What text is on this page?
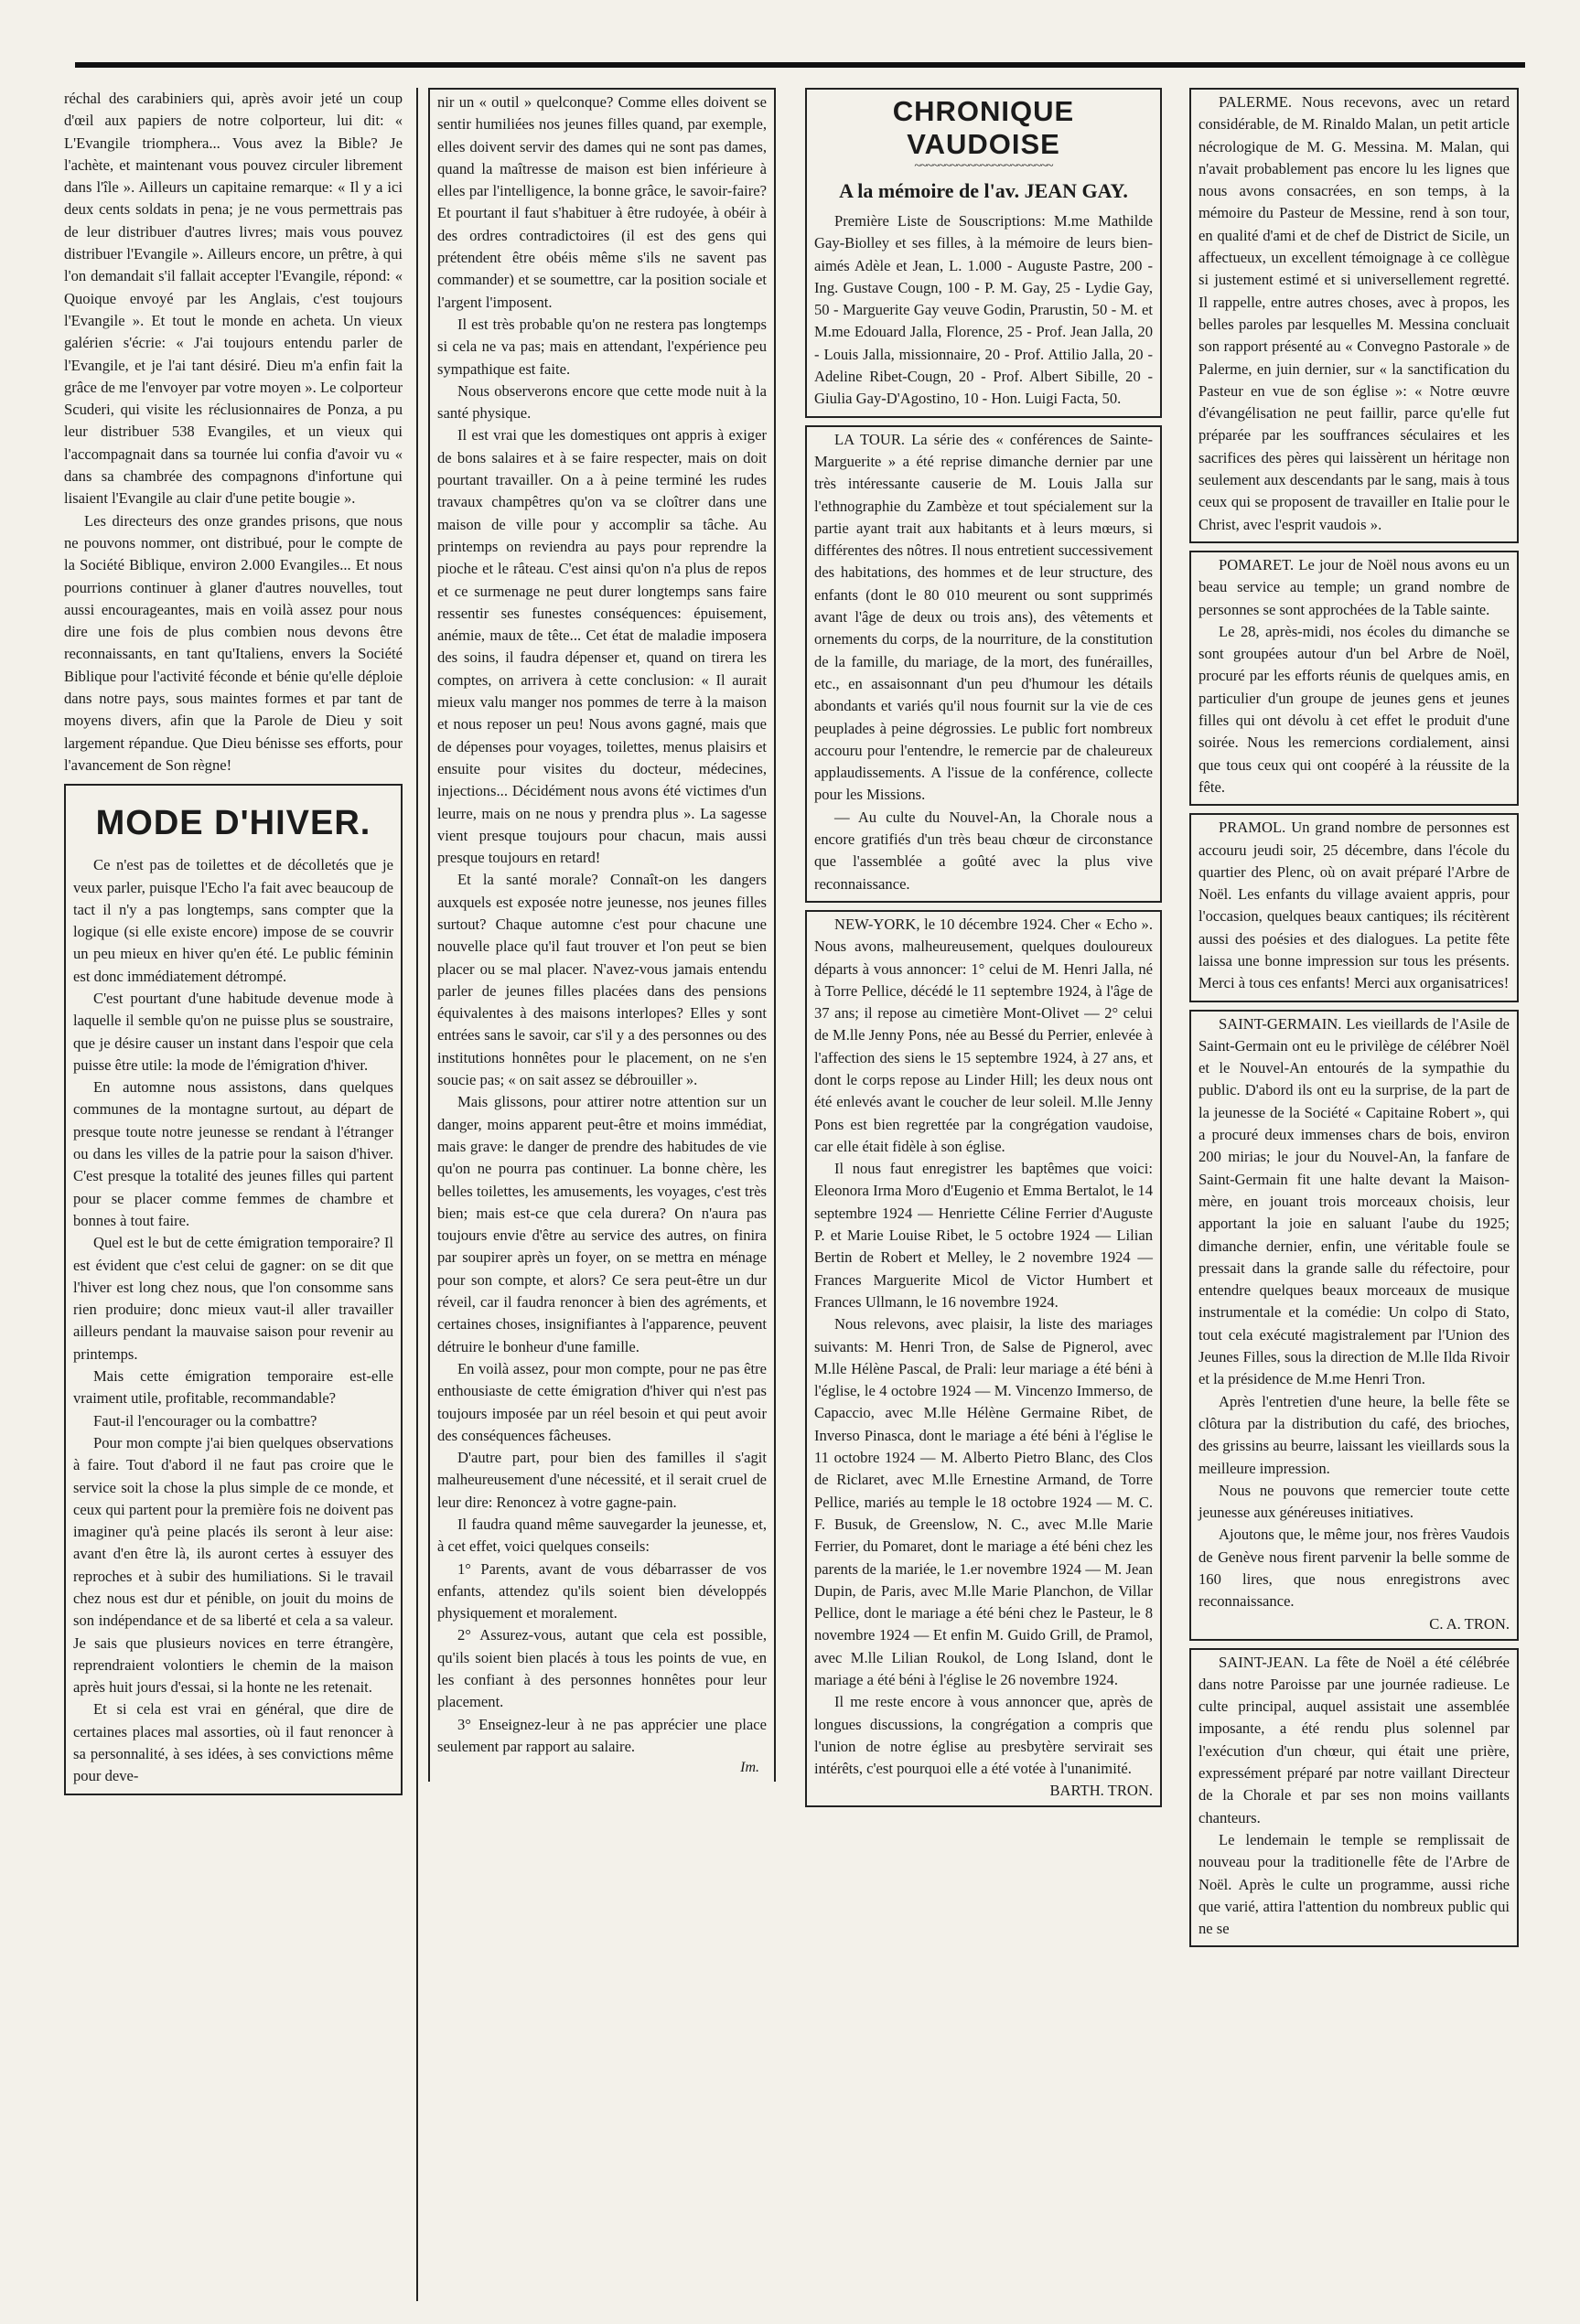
réchal des carabiniers qui, après avoir jeté un coup d'œil aux papiers de notre colporteur, lui dit: « L'Evangile triomphera... Vous avez la Bible? Je l'achète, et maintenant vous pouvez circuler librement dans l'île ». Ailleurs un capitaine remarque: « Il y a ici deux cents soldats in pena; je ne vous permettrais pas de leur distribuer d'autres livres; mais vous pouvez distribuer l'Evangile ». Ailleurs encore, un prêtre, à qui l'on demandait s'il fallait accepter l'Evangile, répond: « Quoique envoyé par les Anglais, c'est toujours l'Evangile ». Et tout le monde en acheta. Un vieux galérien s'écrie: « J'ai toujours entendu parler de l'Evangile, et je l'ai tant désiré. Dieu m'a enfin fait la grâce de me l'envoyer par votre moyen ». Le colporteur Scuderi, qui visite les réclusionnaires de Ponza, a pu leur distribuer 538 Evangiles, et un vieux qui l'accompagnait dans sa tournée lui confia d'avoir vu « dans sa chambrée des compagnons d'infortune qui lisaient l'Evangile au clair d'une petite bougie ».

Les directeurs des onze grandes prisons, que nous ne pouvons nommer, ont distribué, pour le compte de la Société Biblique, environ 2.000 Evangiles... Et nous pourrions continuer à glaner d'autres nouvelles, tout aussi encourageantes, mais en voilà assez pour nous dire une fois de plus combien nous devons être reconnaissants, en tant qu'Italiens, envers la Société Biblique pour l'activité féconde et bénie qu'elle déploie dans notre pays, sous maintes formes et par tant de moyens divers, afin que la Parole de Dieu y soit largement répandue. Que Dieu bénisse ses efforts, pour l'avancement de Son règne!

MODE D'HIVER.

Ce n'est pas de toilettes et de décolletés que je veux parler, puisque l'Echo l'a fait avec beaucoup de tact il n'y a pas longtemps, sans compter que la logique (si elle existe encore) impose de se couvrir un peu mieux en hiver qu'en été. Le public féminin est donc immédiatement détrompé.

C'est pourtant d'une habitude devenue mode à laquelle il semble qu'on ne puisse plus se soustraire, que je désire causer un instant dans l'espoir que cela puisse être utile: la mode de l'émigration d'hiver.

En automne nous assistons, dans quelques communes de la montagne surtout, au départ de presque toute notre jeunesse se rendant à l'étranger ou dans les villes de la patrie pour la saison d'hiver. C'est presque la totalité des jeunes filles qui partent pour se placer comme femmes de chambre et bonnes à tout faire.

Quel est le but de cette émigration temporaire? Il est évident que c'est celui de gagner: on se dit que l'hiver est long chez nous, que l'on consomme sans rien produire; donc mieux vaut-il aller travailler ailleurs pendant la mauvaise saison pour revenir au printemps.

Mais cette émigration temporaire est-elle vraiment utile, profitable, recommandable?

Faut-il l'encourager ou la combattre?

Pour mon compte j'ai bien quelques observations à faire. Tout d'abord il ne faut pas croire que le service soit la chose la plus simple de ce monde, et ceux qui partent pour la première fois ne doivent pas imaginer qu'à peine placés ils seront à leur aise: avant d'en être là, ils auront certes à essuyer des reproches et à subir des humiliations. Si le travail chez nous est dur et pénible, on jouit du moins de son indépendance et de sa liberté et cela a sa valeur. Je sais que plusieurs novices en terre étrangère, reprendraient volontiers le chemin de la maison après huit jours d'essai, si la honte ne les retenait.

Et si cela est vrai en général, que dire de certaines places mal assorties, où il faut renoncer à sa personnalité, à ses idées, à ses convictions même pour deve-

nir un « outil » quelconque? Comme elles doivent se sentir humiliées nos jeunes filles quand, par exemple, elles doivent servir des dames qui ne sont pas dames, quand la maîtresse de maison est bien inférieure à elles par l'intelligence, la bonne grâce, le savoir-faire? Et pourtant il faut s'habituer à être rudoyée, à obéir à des ordres contradictoires (il est des gens qui prétendent être obéis même s'ils ne savent pas commander) et se soumettre, car la position sociale et l'argent l'imposent.

Il est très probable qu'on ne restera pas longtemps si cela ne va pas; mais en attendant, l'expérience peu sympathique est faite.

Nous observerons encore que cette mode nuit à la santé physique.

Il est vrai que les domestiques ont appris à exiger de bons salaires et à se faire respecter, mais on doit pourtant travailler. On a à peine terminé les rudes travaux champêtres qu'on va se cloîtrer dans une maison de ville pour y accomplir sa tâche. Au printemps on reviendra au pays pour reprendre la pioche et le râteau. C'est ainsi qu'on n'a plus de repos et ce surmenage ne peut durer longtemps sans faire ressentir ses funestes conséquences: épuisement, anémie, maux de tête... Cet état de maladie imposera des soins, il faudra dépenser et, quand on tirera les comptes, on arrivera à cette conclusion: « Il aurait mieux valu manger nos pommes de terre à la maison et nous reposer un peu! Nous avons gagné, mais que de dépenses pour voyages, toilettes, menus plaisirs et ensuite pour visites du docteur, médecines, injections... Décidément nous avons été victimes d'un leurre, mais on ne nous y prendra plus ». La sagesse vient presque toujours pour chacun, mais aussi presque toujours en retard!

Et la santé morale? Connaît-on les dangers auxquels est exposée notre jeunesse, nos jeunes filles surtout? Chaque automne c'est pour chacune une nouvelle place qu'il faut trouver et l'on peut se bien placer ou se mal placer. N'avez-vous jamais entendu parler de jeunes filles placées dans des pensions équivalentes à des maisons interlopes? Elles y sont entrées sans le savoir, car s'il y a des personnes ou des institutions honnêtes pour le placement, on ne s'en soucie pas; « on sait assez se débrouiller ».

Mais glissons, pour attirer notre attention sur un danger, moins apparent peut-être et moins immédiat, mais grave: le danger de prendre des habitudes de vie qu'on ne pourra pas continuer. La bonne chère, les belles toilettes, les amusements, les voyages, c'est très bien; mais est-ce que cela durera? On n'aura pas toujours envie d'être au service des autres, on finira par soupirer après un foyer, on se mettra en ménage pour son compte, et alors? Ce sera peut-être un dur réveil, car il faudra renoncer à bien des agréments, et certaines choses, insignifiantes à l'apparence, peuvent détruire le bonheur d'une famille.

En voilà assez, pour mon compte, pour ne pas être enthousiaste de cette émigration d'hiver qui n'est pas toujours imposée par un réel besoin et qui peut avoir des conséquences fâcheuses.

D'autre part, pour bien des familles il s'agit malheureusement d'une nécessité, et il serait cruel de leur dire: Renoncez à votre gagne-pain.

Il faudra quand même sauvegarder la jeunesse, et, à cet effet, voici quelques conseils:

1° Parents, avant de vous débarrasser de vos enfants, attendez qu'ils soient bien développés physiquement et moralement.

2° Assurez-vous, autant que cela est possible, qu'ils soient bien placés à tous les points de vue, en les confiant à des personnes honnêtes pour leur placement.

3° Enseignez-leur à ne pas apprécier une place seulement par rapport au salaire.

Im.

CHRONIQUE VAUDOISE
~~~~~~~~~~~~~~~~~~~~~~~
A la mémoire de l'av. JEAN GAY.

Première Liste de Souscriptions: M.me Mathilde Gay-Biolley et ses filles, à la mémoire de leurs bien-aimés Adèle et Jean, L. 1.000 - Auguste Pastre, 200 - Ing. Gustave Cougn, 100 - P. M. Gay, 25 - Lydie Gay, 50 - Marguerite Gay veuve Godin, Prarustin, 50 - M. et M.me Edouard Jalla, Florence, 25 - Prof. Jean Jalla, 20 - Louis Jalla, missionnaire, 20 - Prof. Attilio Jalla, 20 - Adeline Ribet-Cougn, 20 - Prof. Albert Sibille, 20 - Giulia Gay-D'Agostino, 10 - Hon. Luigi Facta, 50.

LA TOUR. La série des « conférences de Sainte-Marguerite » a été reprise dimanche dernier par une très intéressante causerie de M. Louis Jalla sur l'ethnographie du Zambèze et tout spécialement sur la partie ayant trait aux habitants et à leurs mœurs, si différentes des nôtres. Il nous entretient successivement des habitations, des hommes et de leur structure, des enfants (dont le 80 010 meurent ou sont supprimés avant l'âge de deux ou trois ans), des vêtements et ornements du corps, de la nourriture, de la constitution de la famille, du mariage, de la mort, des funérailles, etc., en assaisonnant d'un peu d'humour les détails abondants et variés qu'il nous fournit sur la vie de ces peuplades à peine dégrossies. Le public fort nombreux accouru pour l'entendre, le remercie par de chaleureux applaudissements. A l'issue de la conférence, collecte pour les Missions.

— Au culte du Nouvel-An, la Chorale nous a encore gratifiés d'un très beau chœur de circonstance que l'assemblée a goûté avec la plus vive reconnaissance.

NEW-YORK, le 10 décembre 1924. Cher « Echo ». Nous avons, malheureusement, quelques douloureux départs à vous annoncer: 1° celui de M. Henri Jalla, né à Torre Pellice, décédé le 11 septembre 1924, à l'âge de 37 ans; il repose au cimetière Mont-Olivet — 2° celui de M.lle Jenny Pons, née au Bessé du Perrier, enlevée à l'affection des siens le 15 septembre 1924, à 27 ans, et dont le corps repose au Linder Hill; les deux nous ont été enlevés avant le coucher de leur soleil. M.lle Jenny Pons est bien regrettée par la congrégation vaudoise, car elle était fidèle à son église.

Il nous faut enregistrer les baptêmes que voici: Eleonora Irma Moro d'Eugenio et Emma Bertalot, le 14 septembre 1924 — Henriette Céline Ferrier d'Auguste P. et Marie Louise Ribet, le 5 octobre 1924 — Lilian Bertin de Robert et Melley, le 2 novembre 1924 — Frances Marguerite Micol de Victor Humbert et Frances Ullmann, le 16 novembre 1924.

Nous relevons, avec plaisir, la liste des mariages suivants: M. Henri Tron, de Salse de Pignerol, avec M.lle Hélène Pascal, de Prali: leur mariage a été béni à l'église, le 4 octobre 1924 — M. Vincenzo Immerso, de Capaccio, avec M.lle Hélène Germaine Ribet, de Inverso Pinasca, dont le mariage a été béni à l'église le 11 octobre 1924 — M. Alberto Pietro Blanc, des Clos de Riclaret, avec M.lle Ernestine Armand, de Torre Pellice, mariés au temple le 18 octobre 1924 — M. C. F. Busuk, de Greenslow, N. C., avec M.lle Marie Ferrier, du Pomaret, dont le mariage a été béni chez les parents de la mariée, le 1.er novembre 1924 — M. Jean Dupin, de Paris, avec M.lle Marie Planchon, de Villar Pellice, dont le mariage a été béni chez le Pasteur, le 8 novembre 1924 — Et enfin M. Guido Grill, de Pramol, avec M.lle Lilian Roukol, de Long Island, dont le mariage a été béni à l'église le 26 novembre 1924.

Il me reste encore à vous annoncer que, après de longues discussions, la congrégation a compris que l'union de notre église au presbytère servirait ses intérêts, c'est pourquoi elle a été votée à l'unanimité.

BARTH. TRON.

PALERME. Nous recevons, avec un retard considérable, de M. Rinaldo Malan, un petit article nécrologique de M. G. Messina. M. Malan, qui n'avait probablement pas encore lu les lignes que nous avons consacrées, en son temps, à la mémoire du Pasteur de Messine, rend à son tour, en qualité d'ami et de chef de District de Sicile, un affectueux, un excellent témoignage à ce collègue si justement estimé et si universellement regretté. Il rappelle, entre autres choses, avec à propos, les belles paroles par lesquelles M. Messina concluait son rapport présenté au « Convegno Pastorale » de Palerme, en juin dernier, sur « la sanctification du Pasteur en vue de son église »: « Notre œuvre d'évangélisation ne peut faillir, parce qu'elle fut préparée par les souffrances séculaires et les sacrifices des pères qui laissèrent un héritage non seulement aux descendants par le sang, mais à tous ceux qui se proposent de travailler en Italie pour le Christ, avec l'esprit vaudois ».

POMARET. Le jour de Noël nous avons eu un beau service au temple; un grand nombre de personnes se sont approchées de la Table sainte.

Le 28, après-midi, nos écoles du dimanche se sont groupées autour d'un bel Arbre de Noël, procuré par les efforts réunis de quelques amis, en particulier d'un groupe de jeunes gens et jeunes filles qui ont dévolu à cet effet le produit d'une soirée. Nous les remercions cordialement, ainsi que tous ceux qui ont coopéré à la réussite de la fête.

PRAMOL. Un grand nombre de personnes est accouru jeudi soir, 25 décembre, dans l'école du quartier des Plenc, où on avait préparé l'Arbre de Noël. Les enfants du village avaient appris, pour l'occasion, quelques beaux cantiques; ils récitèrent aussi des poésies et des dialogues. La petite fête laissa une bonne impression sur tous les présents. Merci à tous ces enfants! Merci aux organisatrices!

SAINT-GERMAIN. Les vieillards de l'Asile de Saint-Germain ont eu le privilège de célébrer Noël et le Nouvel-An entourés de la sympathie du public. D'abord ils ont eu la surprise, de la part de la jeunesse de la Société « Capitaine Robert », qui a procuré deux immenses chars de bois, environ 200 mirias; le jour du Nouvel-An, la fanfare de Saint-Germain fit une halte devant la Maison-mère, en jouant trois morceaux choisis, leur apportant la joie en saluant l'aube du 1925; dimanche dernier, enfin, une véritable foule se pressait dans la grande salle du réfectoire, pour entendre quelques beaux morceaux de musique instrumentale et la comédie: Un colpo di Stato, tout cela exécuté magistralement par l'Union des Jeunes Filles, sous la direction de M.lle Ilda Rivoir et la présidence de M.me Henri Tron.

Après l'entretien d'une heure, la belle fête se clôtura par la distribution du café, des brioches, des grissins au beurre, laissant les vieillards sous la meilleure impression.

Nous ne pouvons que remercier toute cette jeunesse aux généreuses initiatives.

Ajoutons que, le même jour, nos frères Vaudois de Genève nous firent parvenir la belle somme de 160 lires, que nous enregistrons avec reconnaissance.

C. A. TRON.

SAINT-JEAN. La fête de Noël a été célébrée dans notre Paroisse par une journée radieuse. Le culte principal, auquel assistait une assemblée imposante, a été rendu plus solennel par l'exécution d'un chœur, qui était une prière, expressément préparé par notre vaillant Directeur de la Chorale et par ses non moins vaillants chanteurs.

Le lendemain le temple se remplissait de nouveau pour la traditionelle fête de l'Arbre de Noël. Après le culte un programme, aussi riche que varié, attira l'attention du nombreux public qui ne se
